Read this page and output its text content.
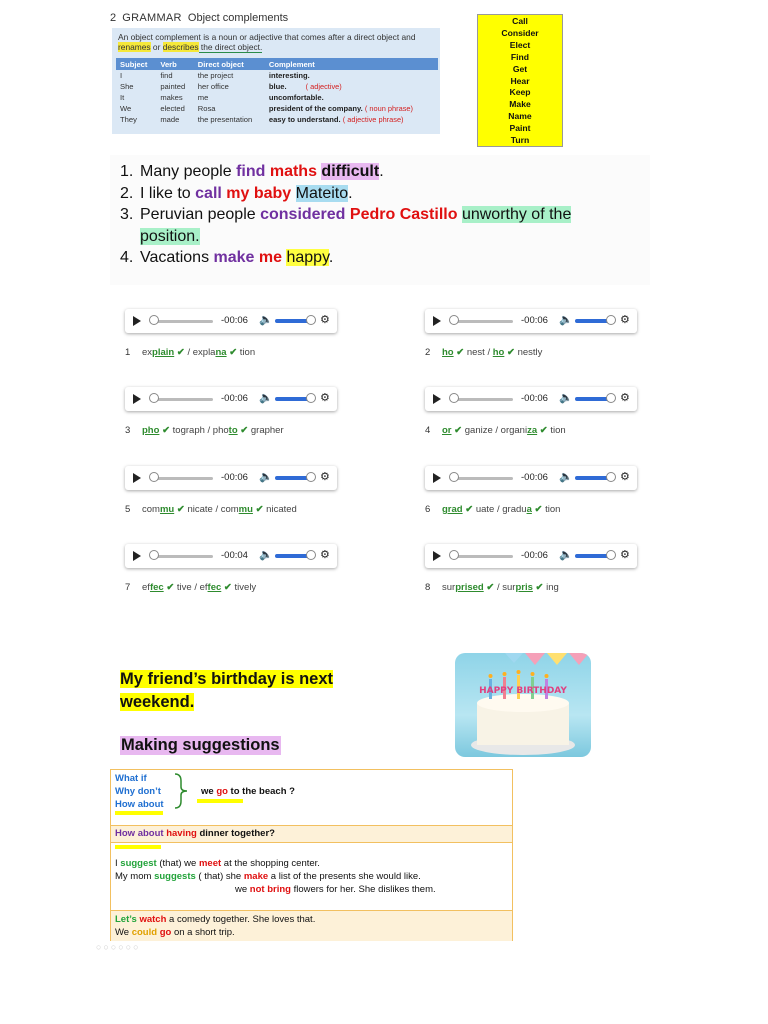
2 GRAMMAR Object complements
An object complement is a noun or adjective that comes after a direct object and
renames or describes the direct object.
Subject	Verb	Direct object	Complement
I	find	the project	interesting.
She	painted	her office	blue. ( adjective)
It	makes	me	uncomfortable.
We	elected	Rosa	president of the company. ( noun phrase)
They	made	the presentation	easy to understand. ( adjective phrase)
Call
Consider
Elect
Find
Get
Hear
Keep
Make
Name
Paint
Turn
1. Many people find maths difficult.
2. I like to call my baby Mateito.
3. Peruvian people considered Pedro Castillo unworthy of the
position.
4. Vacations make me happy.
-00:06 🔈	⚙
1 explain ✔ / explana ✔ tion
-00:06 🔈	⚙
2 ho ✔ nest / ho ✔ nestly
-00:06 🔈	⚙
3 pho ✔ tograph / photo ✔ grapher
-00:06 🔈	⚙
4 or ✔ ganize / organiza ✔ tion
-00:06 🔈	⚙
5 commu ✔ nicate / commu ✔ nicated
-00:06 🔈	⚙
6 grad ✔ uate / gradua ✔ tion
-00:04 🔈	⚙
7 effec ✔ tive / effec ✔ tively
-00:06 🔈	⚙
8 surprised ✔ / surpris ✔ ing
My friend’s birthday is next
weekend.
Making suggestions
HAPPY BIRTHDAY
What if
Why don’t
How about
we go to the beach ?
How about having dinner together?
I suggest (that) we meet at the shopping center.
My mom suggests ( that) she make a list of the presents she would like.
we not bring flowers for her. She dislikes them.
Let’s watch a comedy together. She loves that.
We could go on a short trip.
○○○○○○
